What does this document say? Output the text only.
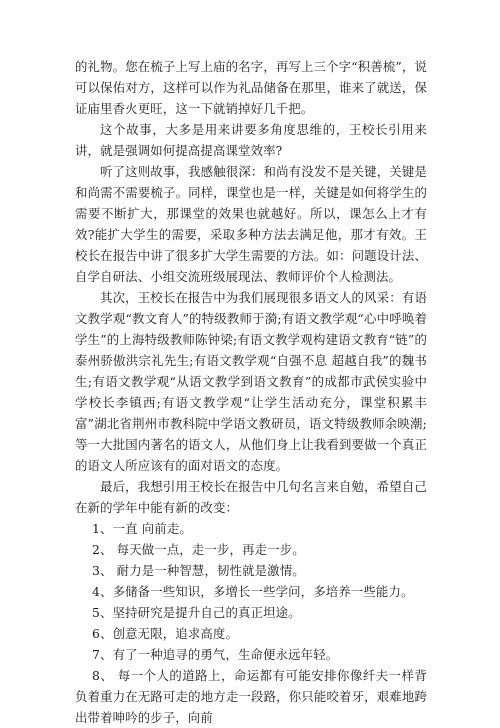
的礼物。您在梳子上写上庙的名字，再写上三个字“积善梳”，说可以保佑对方，这样可以作为礼品储备在那里，谁来了就送，保证庙里香火更旺，这一下就销掉好几千把。

这个故事，大多是用来讲要多角度思维的，王校长引用来讲，就是强调如何提高提高课堂效率?

听了这则故事，我感触很深：和尚有没发不是关键，关键是和尚需不需要梳子。同样，课堂也是一样，关键是如何将学生的需要不断扩大，那课堂的效果也就越好。所以，课怎么上才有效?能扩大学生的需要，采取多种方法去满足他，那才有效。王校长在报告中讲了很多扩大学生需要的方法。如：问题设计法、自学自研法、小组交流班级展现法、教师评价个人检测法。

其次，王校长在报告中为我们展现很多语文人的风采：有语文教学观“教文育人”的特级教师于漪;有语文教学观“心中呼唤着学生”的上海特级教师陈钟梁;有语文教学观构建语文教育“链”的泰州骄傲洪宗礼先生;有语文教学观“自强不息 超越自我”的魏书生;有语文教学观“从语文教学到语文教育”的成都市武侯实验中学校长李镇西;有语文教学观“让学生活动充分，课堂积累丰富”湖北省荆州市教科院中学语文教研员，语文特级教师余映潮;等一大批国内著名的语文人，从他们身上让我看到要做一个真正的语文人所应该有的面对语文的态度。

最后，我想引用王校长在报告中几句名言来自勉，希望自己在新的学年中能有新的改变：

1、一直 向前走。

2、 每天做一点，走一步，再走一步。

3、 耐力是一种智慧，韧性就是激情。

4、多储备一些知识，多增长一些学问，多培养一些能力。

5、坚持研究是提升自己的真正坦途。

6、创意无限，追求高度。

7、有了一种追寻的勇气，生命便永远年轻。

8、 每一个人的道路上，命运都有可能安排你像纤夫一样背负着重力在无路可走的地方走一段路，你只能咬着牙，艰难地跨出带着呻吟的步子，向前
